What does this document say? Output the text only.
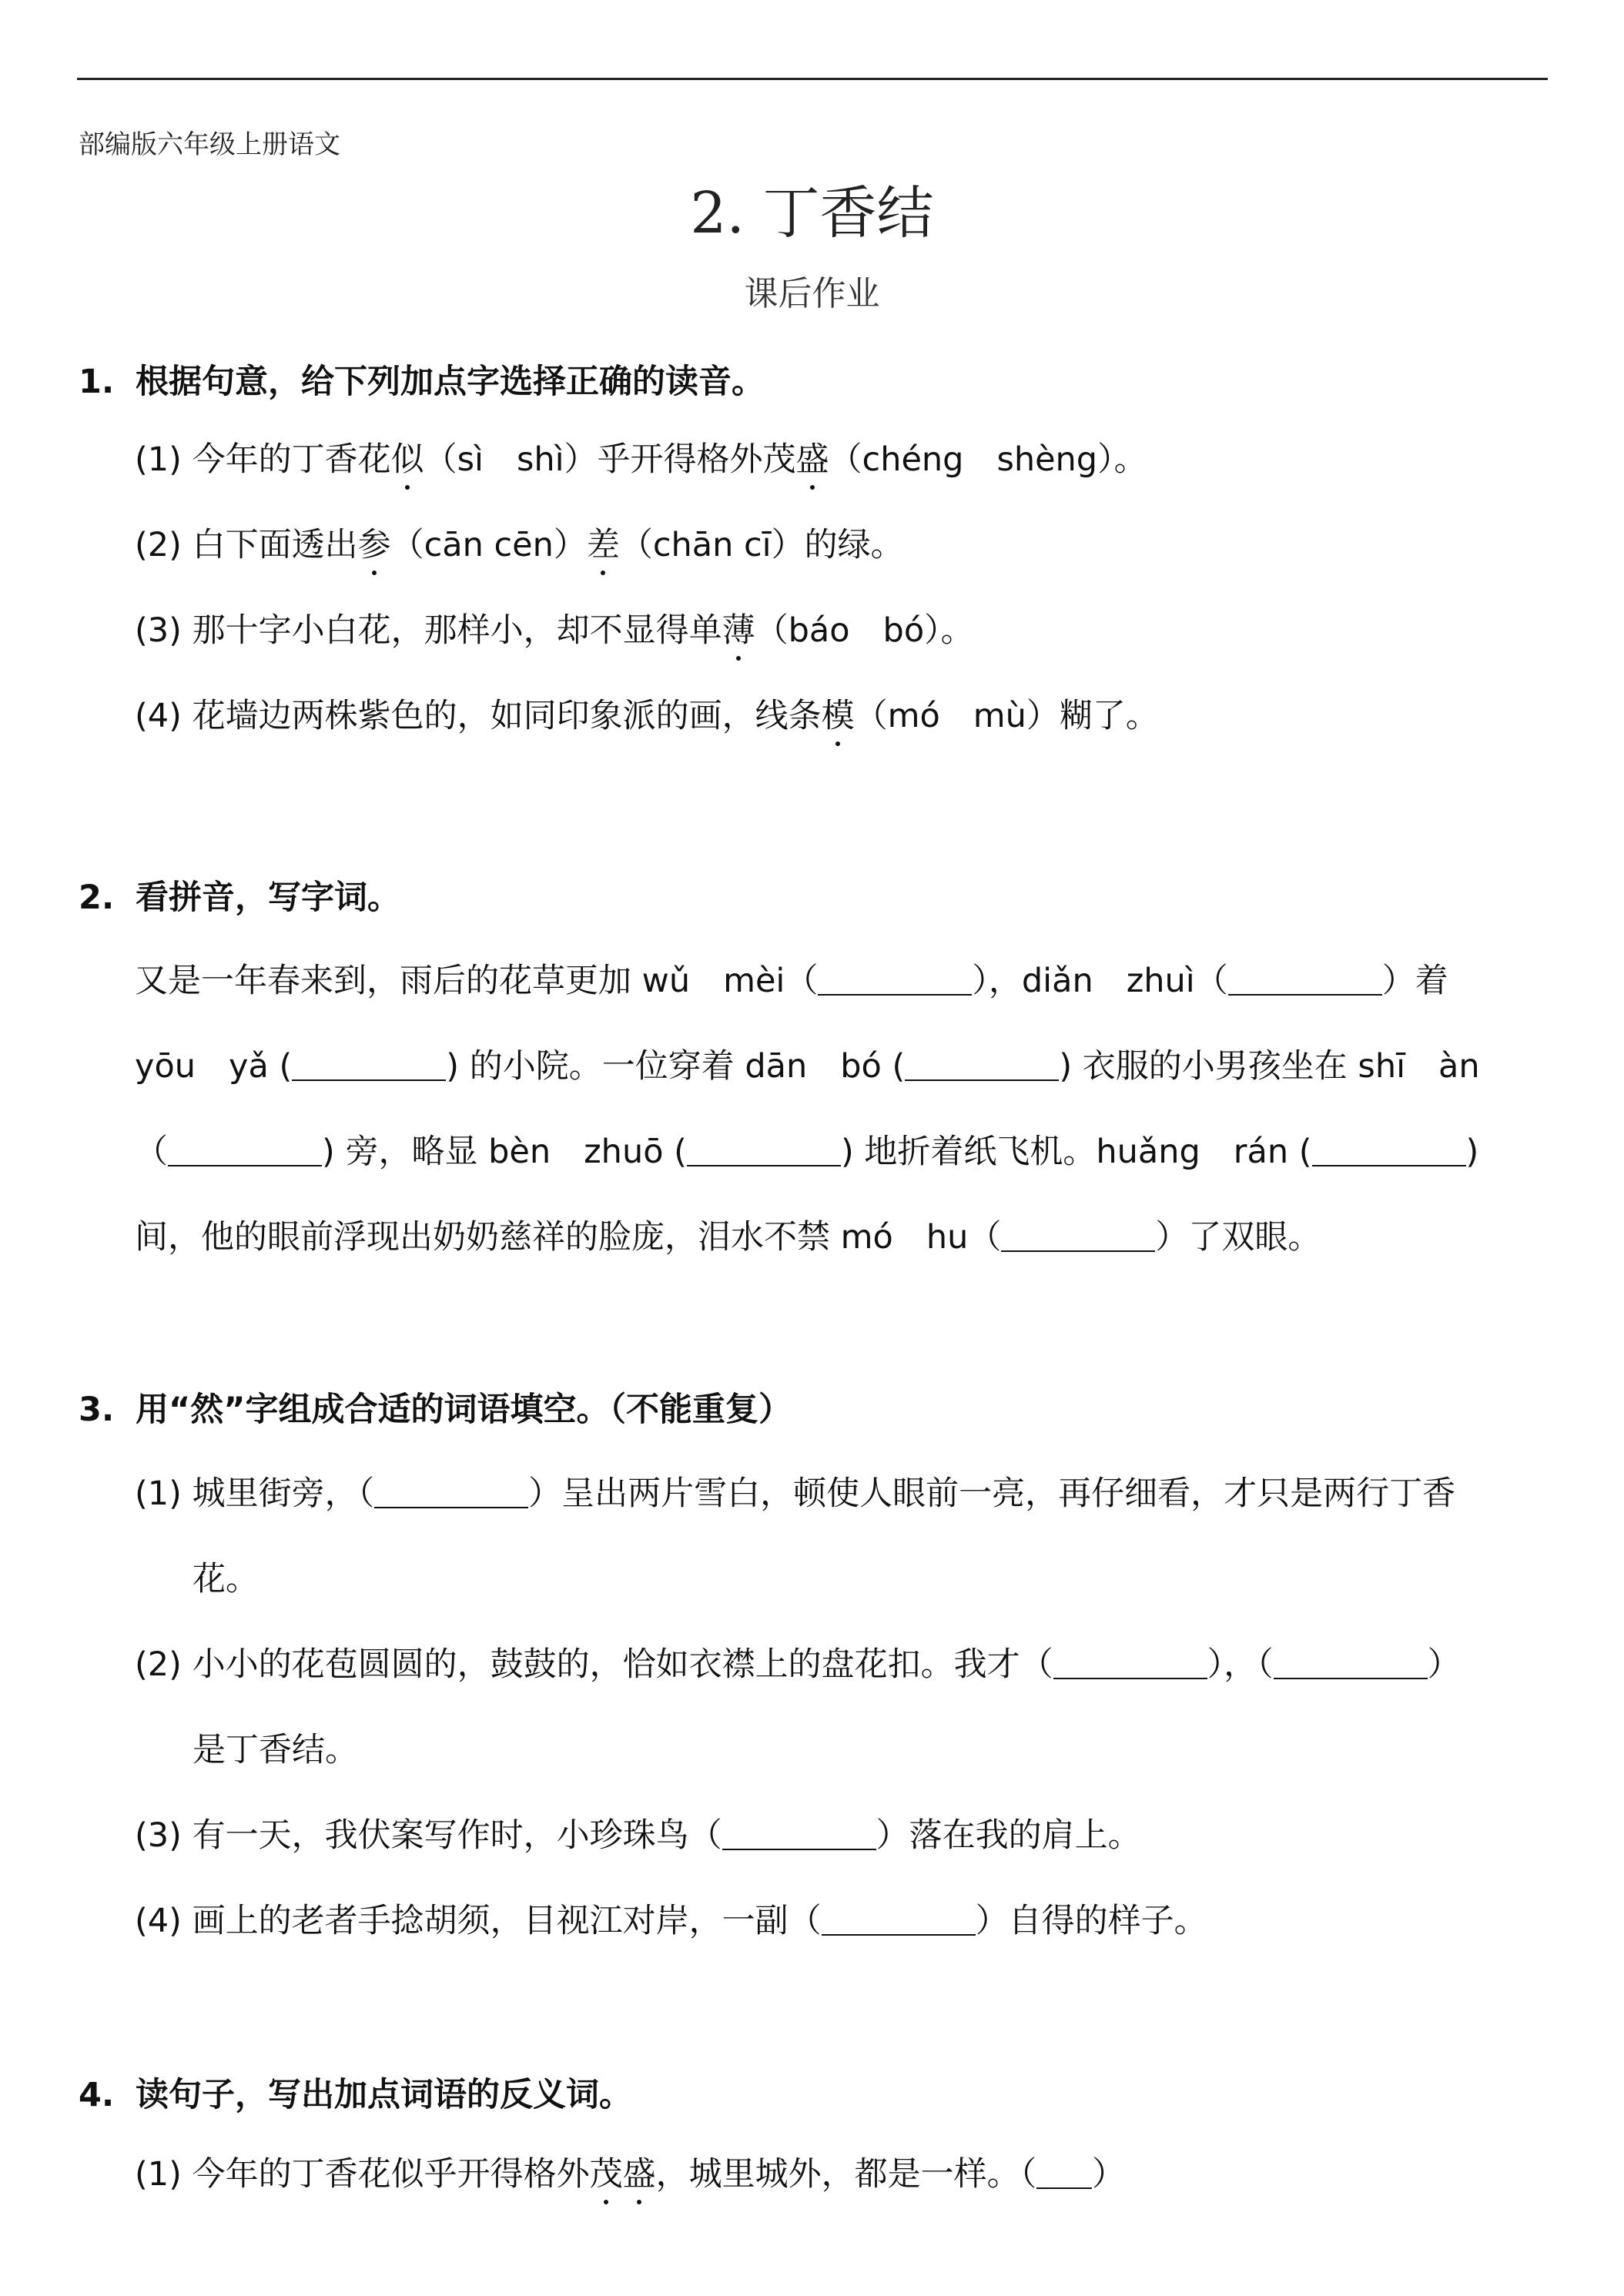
部编版六年级上册语文
2. 丁香结
课后作业
1. 根据句意，给下列加点字选择正确的读音。
(1) 今年的丁香花似（sì　shì）乎开得格外茂盛（chéng　shèng）。
(2) 白下面透出参（cān cēn）差（chān cī）的绿。
(3) 那十字小白花，那样小，却不显得单薄（báo　bó）。
(4) 花墙边两株紫色的，如同印象派的画，线条模（mó　mù）糊了。
2. 看拼音，写字词。
又是一年春来到，雨后的花草更加 wǔ　mèi（	），diǎn　zhuì（	）着
yōu　yǎ (	) 的小院。一位穿着 dān　bó (	) 衣服的小男孩坐在 shī　àn
（	) 旁，略显 bèn　zhuō (	) 地折着纸飞机。huǎng　rán (	)
间，他的眼前浮现出奶奶慈祥的脸庞，泪水不禁 mó　hu（	）了双眼。
3. 用“然”字组成合适的词语填空。（不能重复）
(1) 城里街旁，（	）呈出两片雪白，顿使人眼前一亮，再仔细看，才只是两行丁香
花。
(2) 小小的花苞圆圆的，鼓鼓的，恰如衣襟上的盘花扣。我才（	），（	）
是丁香结。
(3) 有一天，我伏案写作时，小珍珠鸟（	）落在我的肩上。
(4) 画上的老者手捻胡须，目视江对岸，一副（	）自得的样子。
4. 读句子，写出加点词语的反义词。
(1) 今年的丁香花似乎开得格外茂盛，城里城外，都是一样。（ ）
